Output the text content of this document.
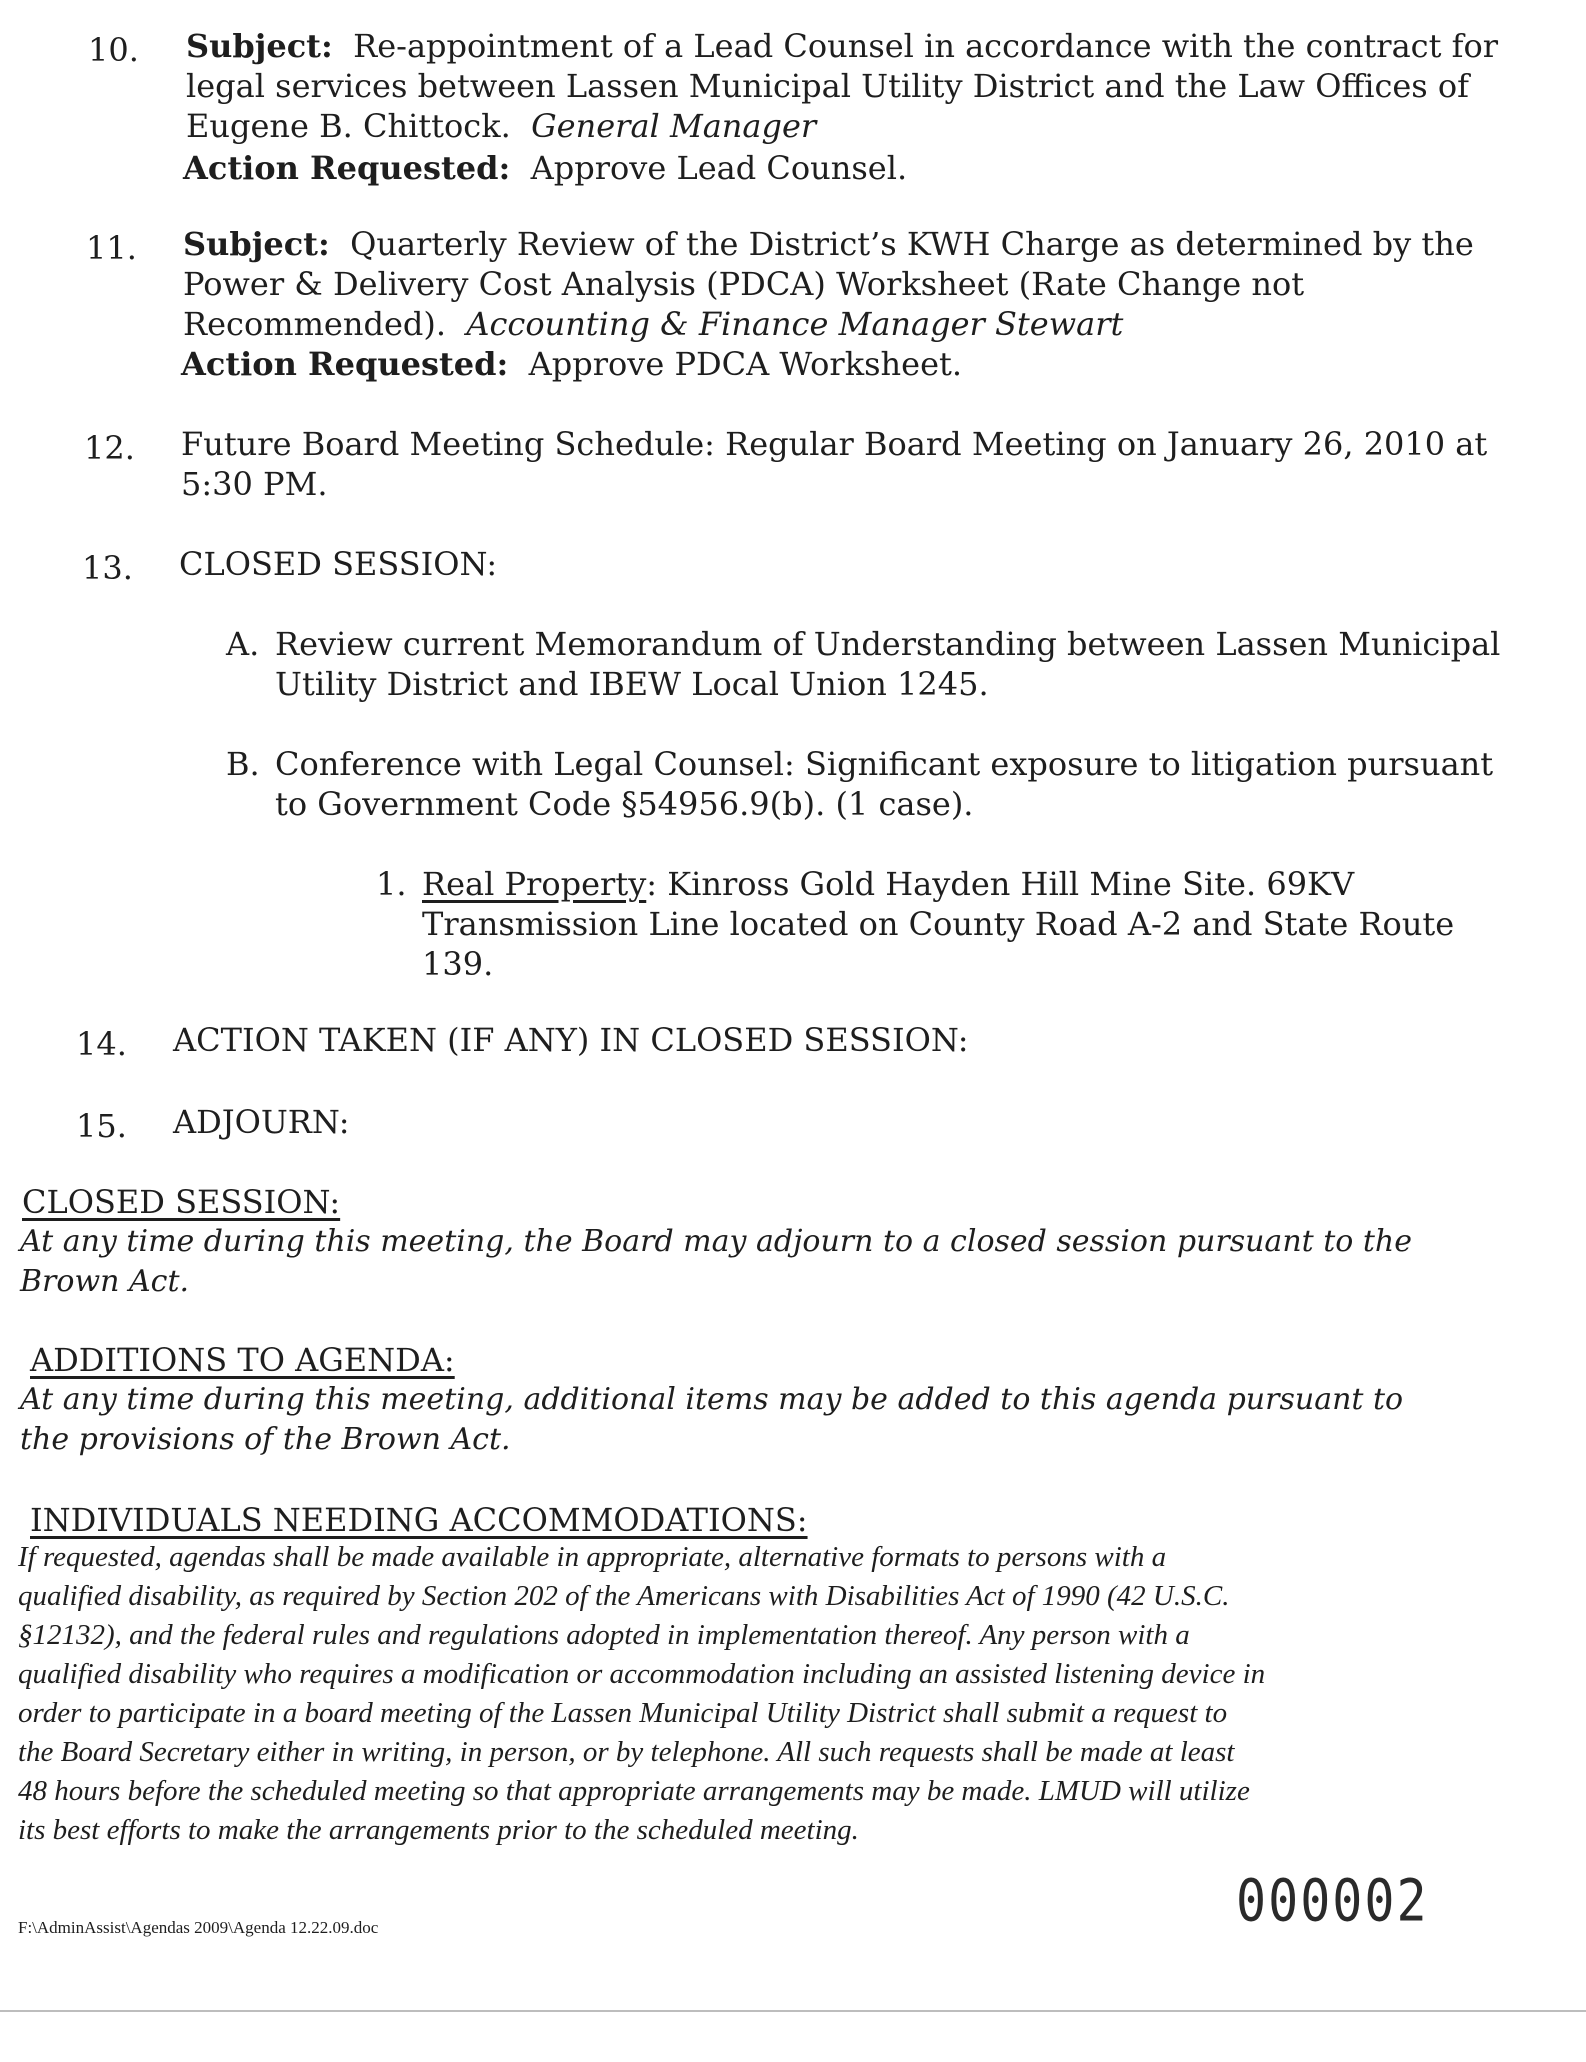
10. Subject: Re-appointment of a Lead Counsel in accordance with the contract for
legal services between Lassen Municipal Utility District and the Law Offices of
Eugene B. Chittock. General Manager
Action Requested: Approve Lead Counsel.
11. Subject: Quarterly Review of the District’s KWH Charge as determined by the
Power & Delivery Cost Analysis (PDCA) Worksheet (Rate Change not
Recommended). Accounting & Finance Manager Stewart
Action Requested: Approve PDCA Worksheet.
12. Future Board Meeting Schedule: Regular Board Meeting on January 26, 2010 at
5:30 PM.
13. CLOSED SESSION:
A. Review current Memorandum of Understanding between Lassen Municipal
Utility District and IBEW Local Union 1245.
B. Conference with Legal Counsel: Significant exposure to litigation pursuant
to Government Code §54956.9(b). (1 case).
1. Real Property: Kinross Gold Hayden Hill Mine Site. 69KV
Transmission Line located on County Road A-2 and State Route
139.
14. ACTION TAKEN (IF ANY) IN CLOSED SESSION:
15. ADJOURN:
CLOSED SESSION:
At any time during this meeting, the Board may adjourn to a closed session pursuant to the
Brown Act.
ADDITIONS TO AGENDA:
At any time during this meeting, additional items may be added to this agenda pursuant to
the provisions of the Brown Act.
INDIVIDUALS NEEDING ACCOMMODATIONS:
If requested, agendas shall be made available in appropriate, alternative formats to persons with a
qualified disability, as required by Section 202 of the Americans with Disabilities Act of 1990 (42 U.S.C.
§12132), and the federal rules and regulations adopted in implementation thereof. Any person with a
qualified disability who requires a modification or accommodation including an assisted listening device in
order to participate in a board meeting of the Lassen Municipal Utility District shall submit a request to
the Board Secretary either in writing, in person, or by telephone. All such requests shall be made at least
48 hours before the scheduled meeting so that appropriate arrangements may be made. LMUD will utilize
its best efforts to make the arrangements prior to the scheduled meeting.
000002
F:\AdminAssist\Agendas 2009\Agenda 12.22.09.doc
